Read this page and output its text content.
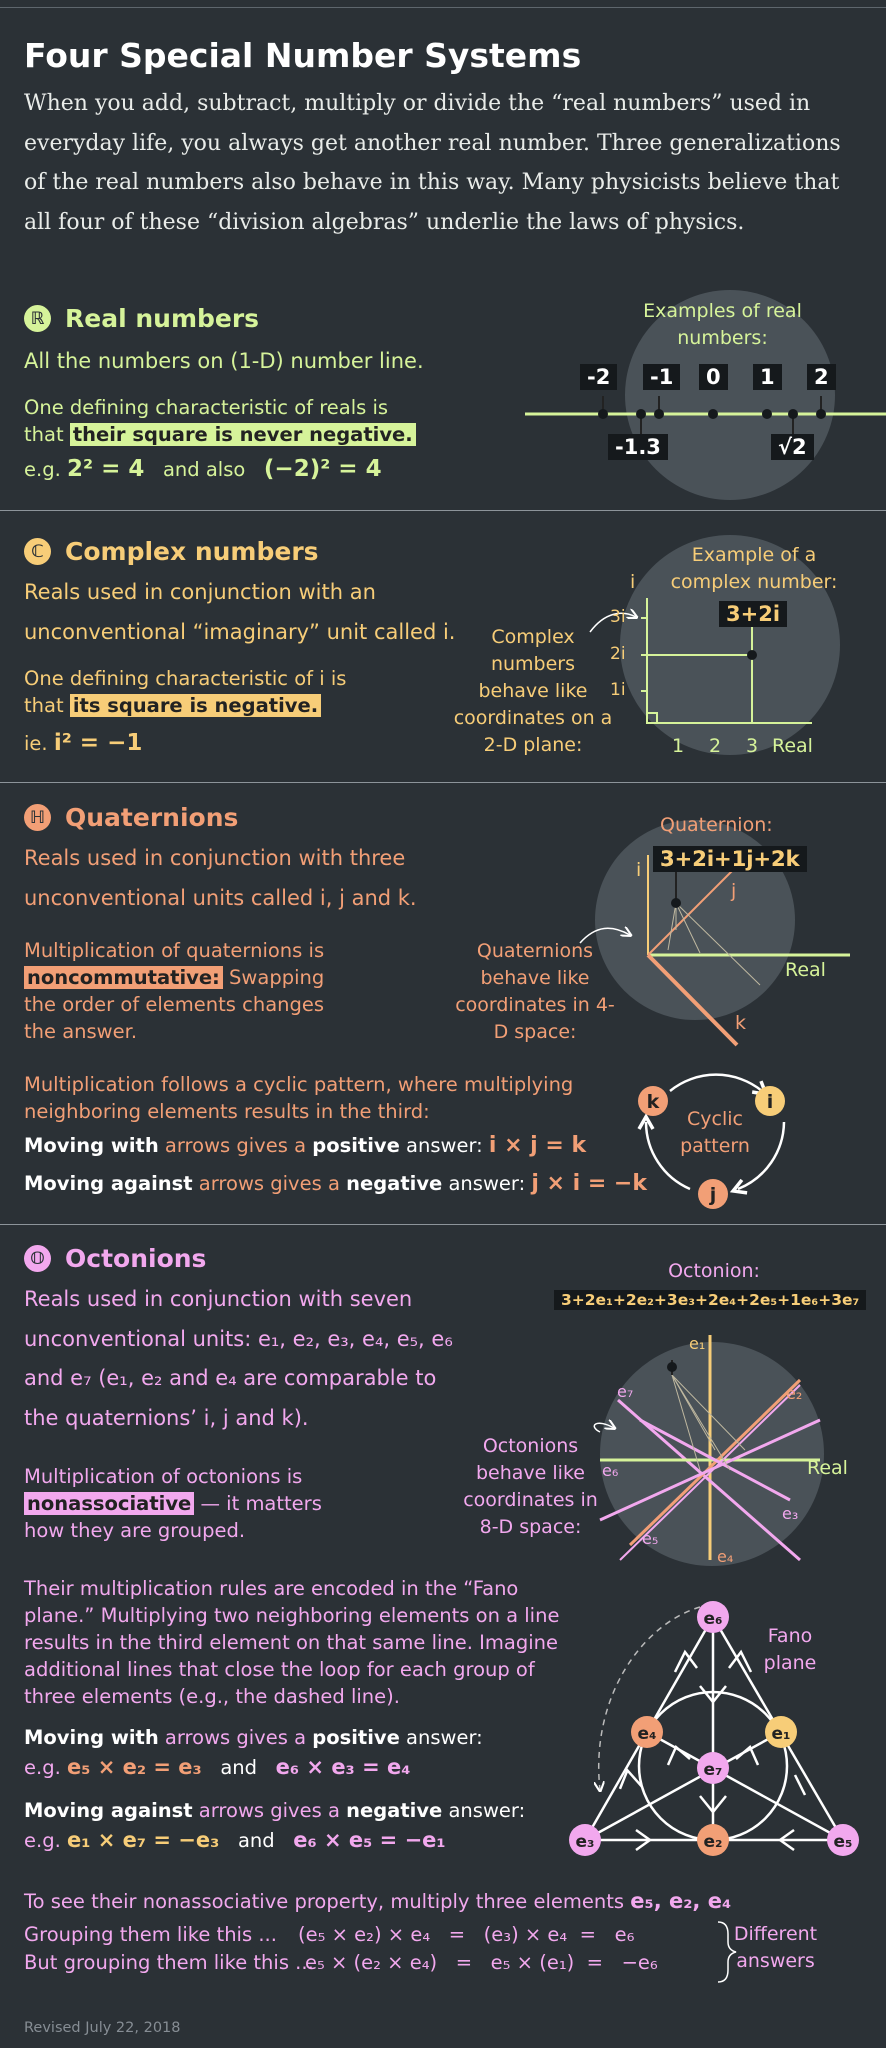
Four Special Number Systems
When you add, subtract, multiply or divide the “real numbers” used in everyday life, you always get another real number. Three generalizations of the real numbers also behave in this way. Many physicists believe that all four of these “division algebras” underlie the laws of physics.
k	i
j
e₆
e₄	e₁
e₇
e₃	e₂	e₅
ℝ Real numbers
All the numbers on (1-D) number line.
One defining characteristic of reals is that their square is never negative.
e.g. 2² = 4 and also (−2)² = 4
Examples of real numbers:
-2	-1	0	1	2
-1.3	√2
ℂ Complex numbers
Reals used in conjunction with an unconventional “imaginary” unit called i.
One defining characteristic of i is that its square is negative.
ie. i² = −1
Example of a complex number:
3+2i
Complex numbers behave like coordinates on a 2-D plane:
i
3i
2i
1i
1 2 3 Real
ℍ Quaternions
Reals used in conjunction with three unconventional units called i, j and k.
Multiplication of quaternions is noncommutative: Swapping the order of elements changes the answer.
Quaternion:
3+2i+1j+2k
Quaternions behave like coordinates in 4-D space:
i
j
k
Real
Multiplication follows a cyclic pattern, where multiplying neighboring elements results in the third:
Moving with arrows gives a positive answer: i × j = k
Moving against arrows gives a negative answer: j × i = −k
Cyclic pattern
𝕆 Octonions
Reals used in conjunction with seven unconventional units: e₁, e₂, e₃, e₄, e₅, e₆ and e₇ (e₁, e₂ and e₄ are comparable to the quaternions’ i, j and k).
Multiplication of octonions is nonassociative — it matters how they are grouped.
Octonion:
3+2e₁+2e₂+3e₃+2e₄+2e₅+1e₆+3e₇
Octonions behave like coordinates in 8-D space:
e₁
e₂
e₃
e₄
e₅
e₆
e₇
Real
Their multiplication rules are encoded in the “Fano plane.” Multiplying two neighboring elements on a line results in the third element on that same line. Imagine additional lines that close the loop for each group of three elements (e.g., the dashed line).
Fano plane
Moving with arrows gives a positive answer:
e.g. e₅ × e₂ = e₃ and e₆ × e₃ = e₄
Moving against arrows gives a negative answer:
e.g. e₁ × e₇ = −e₃ and e₆ × e₅ = −e₁
To see their nonassociative property, multiply three elements e₅, e₂, e₄
Grouping them like this ... (e₅ × e₂) × e₄   =   (e₃) × e₄  =   e₆
But grouping them like this ...
e₅ × (e₂ × e₄)   =   e₅ × (e₁)  =   −e₆
Different answers
Revised July 22, 2018
